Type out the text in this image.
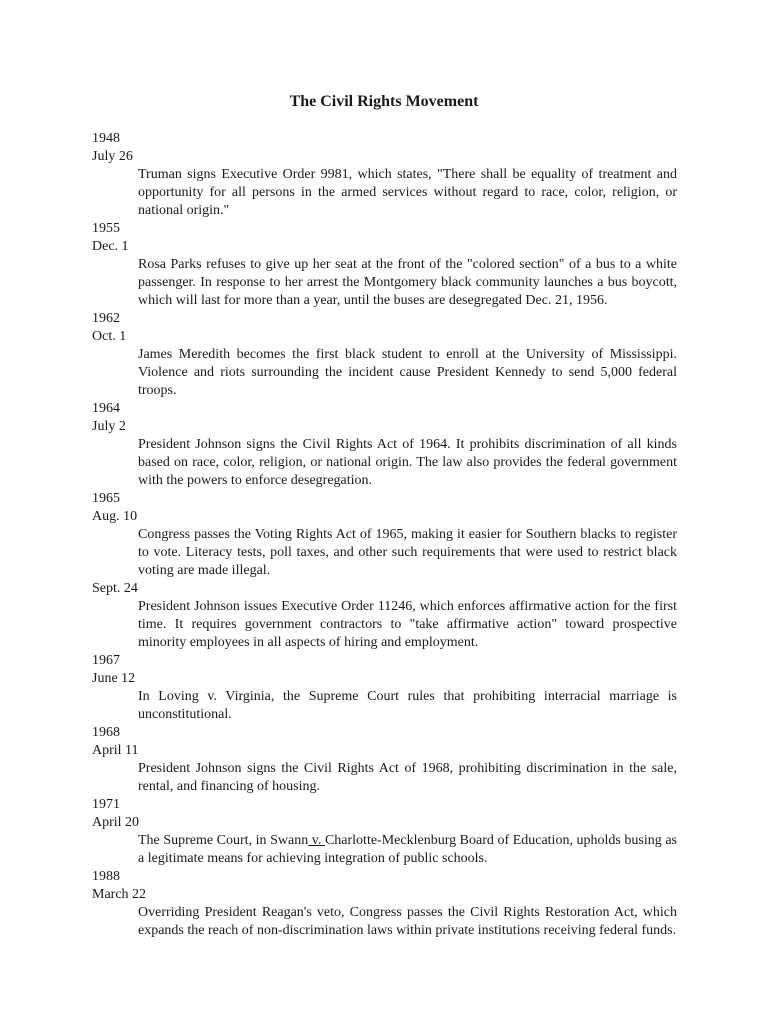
The Civil Rights Movement
1948
July 26
Truman signs Executive Order 9981, which states, "There shall be equality of treatment and opportunity for all persons in the armed services without regard to race, color, religion, or national origin."
1955
Dec. 1
Rosa Parks refuses to give up her seat at the front of the "colored section" of a bus to a white passenger. In response to her arrest the Montgomery black community launches a bus boycott, which will last for more than a year, until the buses are desegregated Dec. 21, 1956.
1962
Oct. 1
James Meredith becomes the first black student to enroll at the University of Mississippi. Violence and riots surrounding the incident cause President Kennedy to send 5,000 federal troops.
1964
July 2
President Johnson signs the Civil Rights Act of 1964. It prohibits discrimination of all kinds based on race, color, religion, or national origin. The law also provides the federal government with the powers to enforce desegregation.
1965
Aug. 10
Congress passes the Voting Rights Act of 1965, making it easier for Southern blacks to register to vote. Literacy tests, poll taxes, and other such requirements that were used to restrict black voting are made illegal.
Sept. 24
President Johnson issues Executive Order 11246, which enforces affirmative action for the first time. It requires government contractors to "take affirmative action" toward prospective minority employees in all aspects of hiring and employment.
1967
June 12
In Loving v. Virginia, the Supreme Court rules that prohibiting interracial marriage is unconstitutional.
1968
April 11
President Johnson signs the Civil Rights Act of 1968, prohibiting discrimination in the sale, rental, and financing of housing.
1971
April 20
The Supreme Court, in Swann v. Charlotte-Mecklenburg Board of Education, upholds busing as a legitimate means for achieving integration of public schools.
1988
March 22
Overriding President Reagan's veto, Congress passes the Civil Rights Restoration Act, which expands the reach of non-discrimination laws within private institutions receiving federal funds.
